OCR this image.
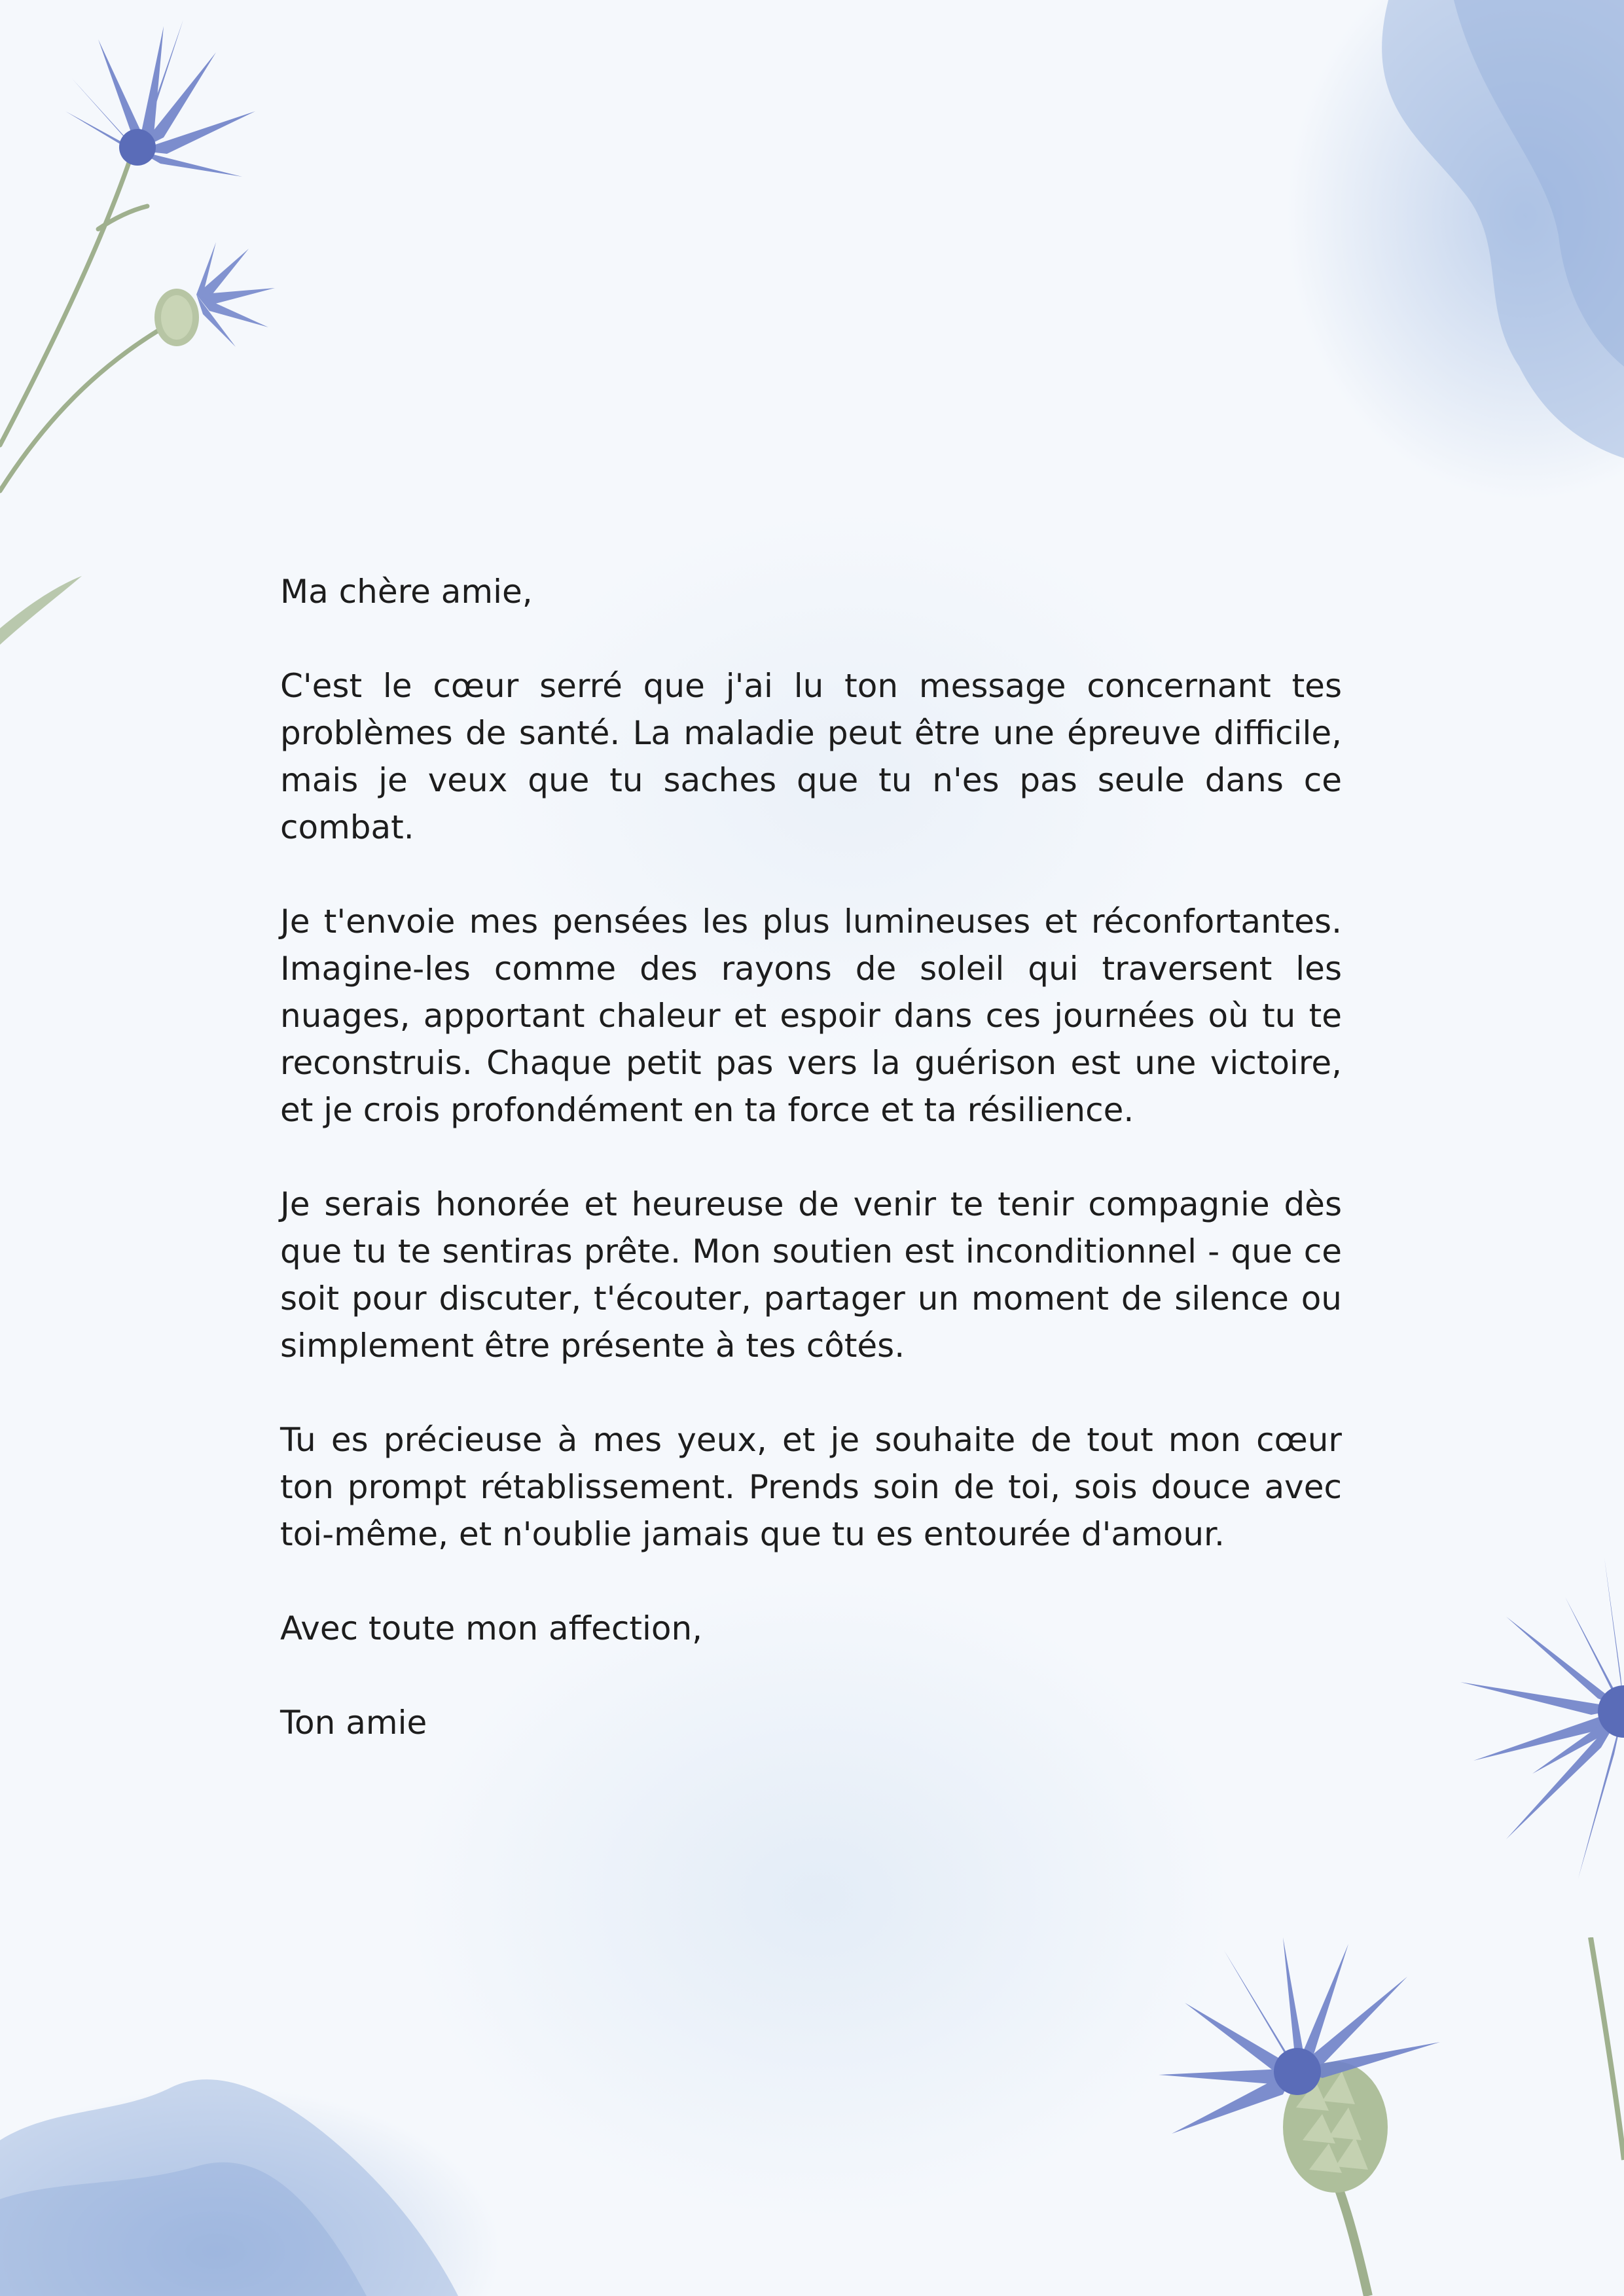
Ma chère amie,

C'est le cœur serré que j'ai lu ton message concernant tes problèmes de santé. La maladie peut être une épreuve difficile, mais je veux que tu saches que tu n'es pas seule dans ce combat.

Je t'envoie mes pensées les plus lumineuses et réconfortantes. Imagine-les comme des rayons de soleil qui traversent les nuages, apportant chaleur et espoir dans ces journées où tu te reconstruis. Chaque petit pas vers la guérison est une victoire, et je crois profondément en ta force et ta résilience.

Je serais honorée et heureuse de venir te tenir compagnie dès que tu te sentiras prête. Mon soutien est inconditionnel - que ce soit pour discuter, t'écouter, partager un moment de silence ou simplement être présente à tes côtés.

Tu es précieuse à mes yeux, et je souhaite de tout mon cœur ton prompt rétablissement. Prends soin de toi, sois douce avec toi-même, et n'oublie jamais que tu es entourée d'amour.

Avec toute mon affection,

Ton amie
